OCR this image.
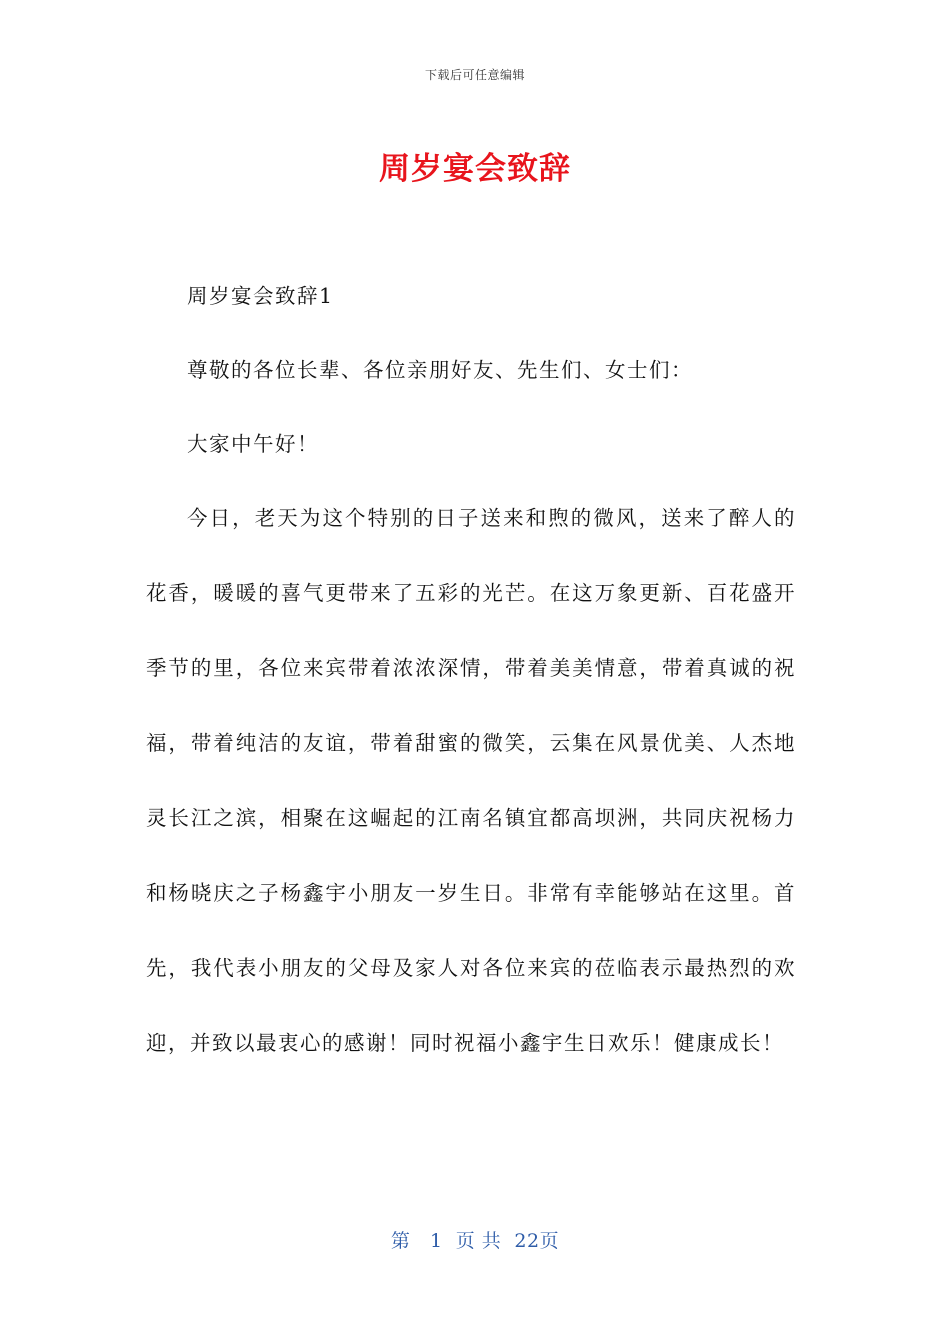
下载后可任意编辑
周岁宴会致辞

周岁宴会致辞1

尊敬的各位长辈、各位亲朋好友、先生们、女士们：

大家中午好！

今日，老天为这个特别的日子送来和煦的微风，送来了醉人的花香，暖暖的喜气更带来了五彩的光芒。在这万象更新、百花盛开季节的里，各位来宾带着浓浓深情，带着美美情意，带着真诚的祝福，带着纯洁的友谊，带着甜蜜的微笑，云集在风景优美、人杰地灵长江之滨，相聚在这崛起的江南名镇宜都高坝洲，共同庆祝杨力和杨晓庆之子杨鑫宇小朋友一岁生日。非常有幸能够站在这里。首先，我代表小朋友的父母及家人对各位来宾的莅临表示最热烈的欢迎，并致以最衷心的感谢！同时祝福小鑫宇生日欢乐！健康成长！

第 1 页 共 22页
